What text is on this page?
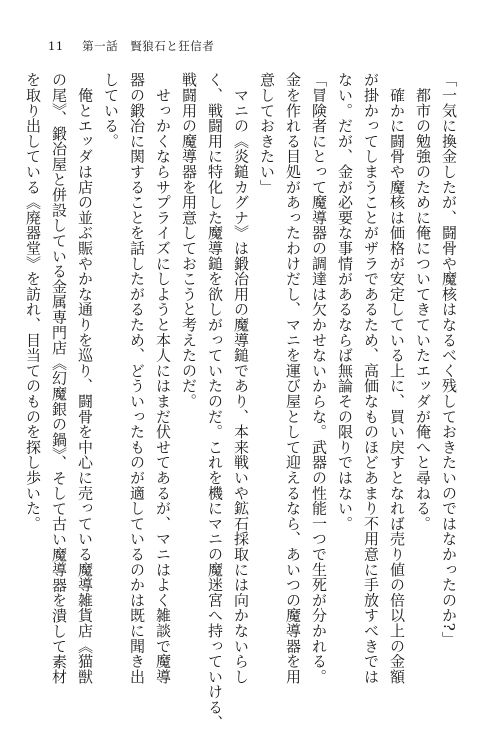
11 第一話 賢狼石と狂信者

「一気に換金したが、闘骨や魔核はなるべく残しておきたいのではなかったのか?」

　都市の勉強のために俺についてきていたエッダが俺へと尋ねる。

　確かに闘骨や魔核は価格が安定している上に、買い戻すとなれば売り値の倍以上の金額

が掛かってしまうことがザラであるため、高価なものほどあまり不用意に手放すべきでは

ない。だが、金が必要な事情があるならば無論その限りではない。

「冒険者にとって魔導器の調達は欠かせないからな。武器の性能一つで生死が分かれる。

金を作れる目処があったわけだし、マニを運び屋として迎えるなら、あいつの魔導器を用

意しておきたい」

　マニの《炎鎚カグナ》は鍛冶用の魔導鎚であり、本来戦いや鉱石採取には向かないらし

く、戦闘用に特化した魔導鎚を欲しがっていたのだ。これを機にマニの魔迷宮へ持っていける、

戦闘用の魔導器を用意しておこうと考えたのだ。

　せっかくならサプライズにしようと本人にはまだ伏せてあるが、マニはよく雑談で魔導

器の鍛冶に関することを話したがるため、どういったものが適しているのかは既に聞き出

している。

　俺とエッダは店の並ぶ賑やかな通りを巡り、闘骨を中心に売っている魔導雑貨店《猫獣

の尾》、鍛冶屋と併設している金属専門店《幻魔銀の鍋》、そして古い魔導器を潰して素材

を取り出している《廃器堂》を訪れ、目当てのものを探し歩いた。
